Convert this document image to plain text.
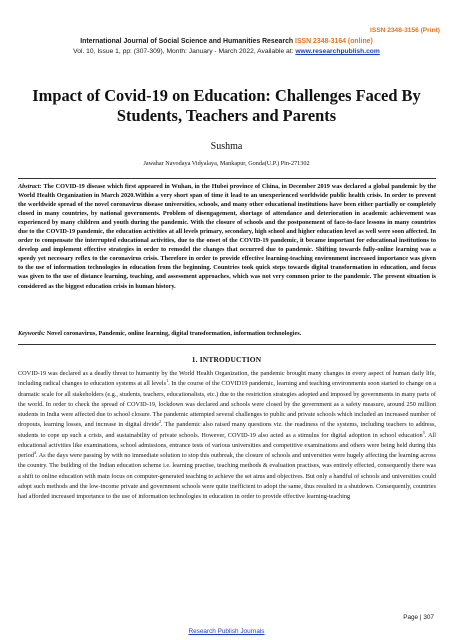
ISSN 2348-3156 (Print)
International Journal of Social Science and Humanities Research ISSN 2348-3164 (online)
Vol. 10, Issue 1, pp: (307-309), Month: January - March 2022, Available at: www.researchpublish.com
Impact of Covid-19 on Education: Challenges Faced By Students, Teachers and Parents
Sushma
Jawahar Navodaya Vidyalaya, Mankapur, Gonda(U.P.) Pin-271302
Abstract: The COVID-19 disease which first appeared in Wuhan, in the Hubei province of China, in December 2019 was declared a global pandemic by the World Health Organization in March 2020.Within a very short span of time it lead to an unexperienced worldwide public health crisis. In order to prevent the worldwide spread of the novel coronavirus disease universities, schools, and many other educational institutions have been either partially or completely closed in many countries, by national governments. Problem of disengagement, shortage of attendance and deterioration in academic achievement was experienced by many children and youth during the pandemic. With the closure of schools and the postponement of face-to-face lessons in many countries due to the COVID-19 pandemic, the education activities at all levels primary, secondary, high school and higher education level as well were soon affected. In order to compensate the interrupted educational activities, due to the onset of the COVID-19 pandemic, it became important for educational institutions to develop and implement effective strategies in order to remodel the changes that occurred due to pandemic. Shifting towards fully-online learning was a speedy yet necessary reflex to the coronavirus crisis. Therefore in order to provide effective learning-teaching environment increased importance was given to the use of information technologies in education from the beginning. Countries took quick steps towards digital transformation in education, and focus was given to the use of distance learning, teaching, and assessment approaches, which was not very common prior to the pandemic. The present situation is considered as the biggest education crisis in human history.
Keywords: Novel coronavirus, Pandemic, online learning, digital transformation, information technologies.
1. INTRODUCTION
COVID-19 was declared as a deadly threat to humanity by the World Health Organization, the pandemic brought many changes in every aspect of human daily life, including radical changes to education systems at all levels$^1$. In the course of the COVID19 pandemic, learning and teaching environments soon started to change on a dramatic scale for all stakeholders (e.g., students, teachers, educationalists, etc.) due to the restriction strategies adopted and imposed by governments in many parts of the world. In order to check the spread of COVID-19, lockdown was declared and schools were closed by the government as a safety measure, around 250 million students in India were affected due to school closure. The pandemic attempted several challenges to public and private schools which included an increased number of dropouts, learning losses, and increase in digital divide$^2$. The pandemic also raised many questions viz. the readiness of the systems, including teachers to address, students to cope up such a crisis, and sustainability of private schools. However, COVID-19 also acted as a stimulus for digital adoption in school education$^3$. All educational activities like examinations, school admissions, entrance tests of various universities and competitive examinations and others were being held during this period$^4$. As the days were passing by with no immediate solution to stop this outbreak, the closure of schools and universities were hugely affecting the learning across the country. The building of the Indian education scheme i.e. learning practise, teaching methods & evaluation practises, was entirely effected, consequently there was a shift to online education with main focus on computer-generated teaching to achieve the set aims and objectives. But only a handful of schools and universities could adopt such methods and the low-income private and government schools were quite inefficient to adopt the same, thus resulted in a shutdown. Consequently, countries had afforded increased importance to the use of information technologies in education in order to provide effective learning-teaching
Page | 307
Research Publish Journals
